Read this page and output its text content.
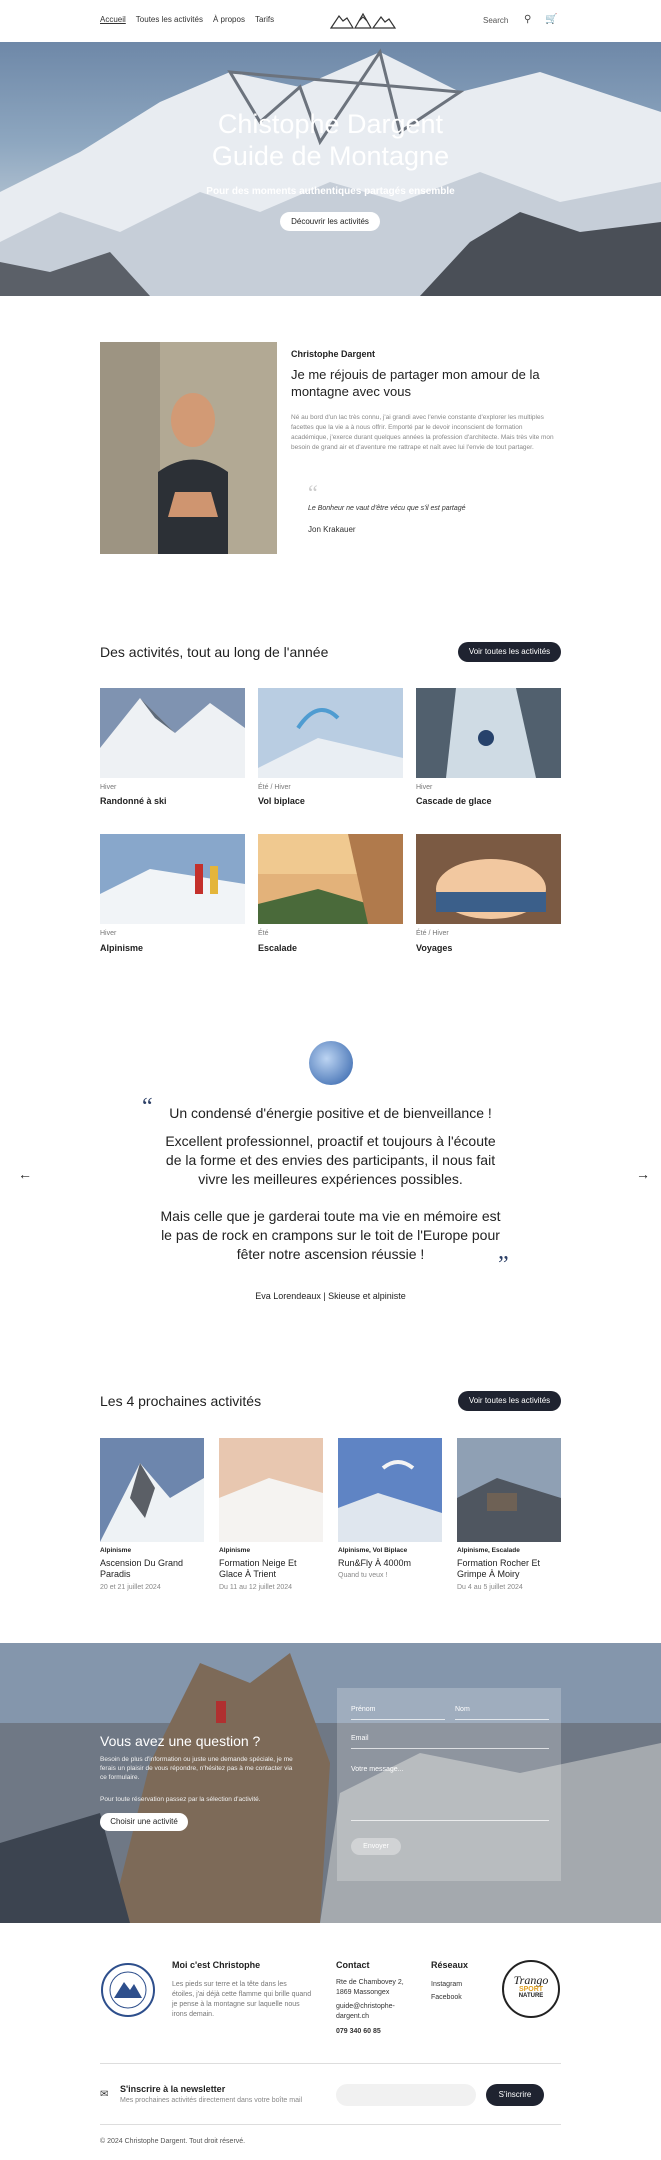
Accueil Toutes les activités À propos Tarifs	Search ⚲ 🛒
Chistophe Dargent
Guide de Montagne
Pour des moments authentiques partagés ensemble
Découvrir les activités
Christophe Dargent
Je me réjouis de partager mon amour de la montagne avec vous
Né au bord d'un lac très connu, j'ai grandi avec l'envie constante d'explorer les multiples facettes que la vie a à nous offrir. Emporté par le devoir inconscient de formation académique, j'exerce durant quelques années la profession d'architecte. Mais très vite mon besoin de grand air et d'aventure me rattrape et naît avec lui l'envie de tout partager.
“
Le Bonheur ne vaut d'être vécu que s'il est partagé
Jon Krakauer
Des activités, tout au long de l'année	Voir toutes les activités
Hiver
Randonné à ski
Été / Hiver
Vol biplace
Hiver
Cascade de glace
Hiver
Alpinisme
Été
Escalade
Été / Hiver
Voyages
←	→
“	Un condensé d'énergie positive et de bienveillance !

Excellent professionnel, proactif et toujours à l'écoute

de la forme et des envies des participants, il nous fait

vivre les meilleures expériences possibles.

Mais celle que je garderai toute ma vie en mémoire est

le pas de rock en crampons sur le toit de l'Europe pour

fêter notre ascension réussie !	”
Eva Lorendeaux | Skieuse et alpiniste
Les 4 prochaines activités	Voir toutes les activités
Alpinisme
Ascension Du Grand
Paradis
20 et 21 juillet 2024
Alpinisme
Formation Neige Et
Glace À Trient
Du 11 au 12 juillet 2024
Alpinisme, Vol Biplace
Run&Fly À 4000m
Quand tu veux !
Alpinisme, Escalade
Formation Rocher Et
Grimpe À Moiry
Du 4 au 5 juillet 2024
Vous avez une question ?
Besoin de plus d'information ou juste une demande spéciale, je me
ferais un plaisir de vous répondre, n'hésitez pas à me contacter via
ce formulaire.
Pour toute réservation passez par la sélection d'activité.
Choisir une activité
Prénom	Nom
Email
Votre message...
Envoyer
Moi c'est Christophe
Les pieds sur terre et la tête dans les
étoiles, j'ai déjà cette flamme qui brille quand
je pense à la montagne sur laquelle nous
irons demain.
Contact
Rte de Chambovey 2,
1869 Massongex
guide@christophe-
dargent.ch
079 340 60 85
Réseaux
Instagram
Facebook
Trango
SPORT
NATURE
✉ S'inscrire à la newsletter
Mes prochaines activités directement dans votre boîte mail
S'inscrire
© 2024 Christophe Dargent. Tout droit réservé.
